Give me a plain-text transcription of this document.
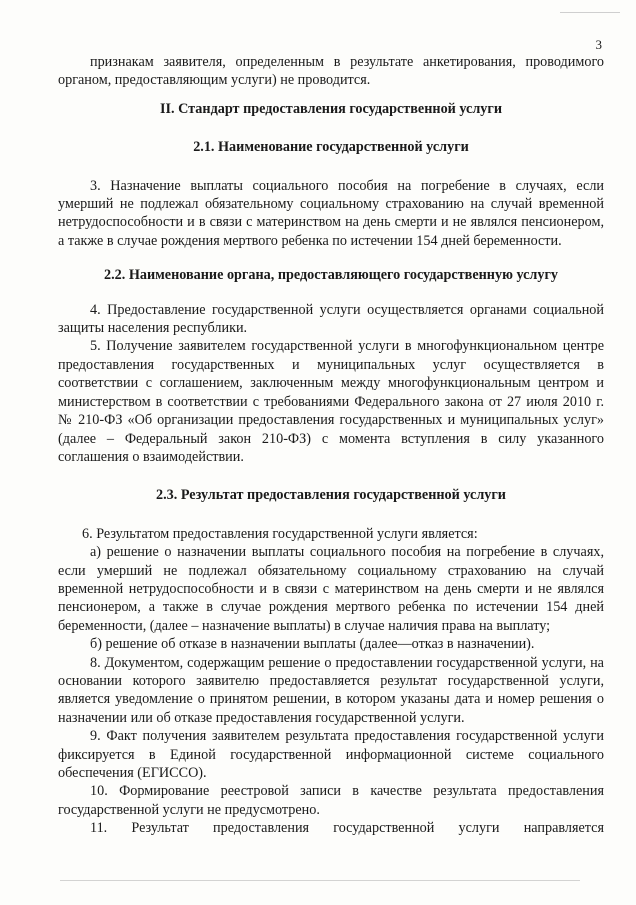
3

признакам заявителя, определенным в результате анкетирования, проводимого органом, предоставляющим услуги) не проводится.

II. Стандарт предоставления государственной услуги
2.1. Наименование государственной услуги

3. Назначение выплаты социального пособия на погребение в случаях, если умерший не подлежал обязательному социальному страхованию на случай временной нетрудоспособности и в связи с материнством на день смерти и не являлся пенсионером, а также в случае рождения мертвого ребенка по истечении 154 дней беременности.

2.2. Наименование органа, предоставляющего государственную услугу

4. Предоставление государственной услуги осуществляется органами социальной защиты населения республики.

5. Получение заявителем государственной услуги в многофункциональном центре предоставления государственных и муниципальных услуг осуществляется в соответствии с соглашением, заключенным между многофункциональным центром и министерством в соответствии с требованиями Федерального закона от 27 июля 2010 г. № 210-ФЗ «Об организации предоставления государственных и муниципальных услуг» (далее – Федеральный закон 210-ФЗ) с момента вступления в силу указанного соглашения о взаимодействии.

2.3. Результат предоставления государственной услуги

6. Результатом предоставления государственной услуги является:

а) решение о назначении выплаты социального пособия на погребение в случаях, если умерший не подлежал обязательному социальному страхованию на случай временной нетрудоспособности и в связи с материнством на день смерти и не являлся пенсионером, а также в случае рождения мертвого ребенка по истечении 154 дней беременности, (далее – назначение выплаты) в случае наличия права на выплату;

б) решение об отказе в назначении выплаты (далее—отказ в назначении).

8. Документом, содержащим решение о предоставлении государственной услуги, на основании которого заявителю предоставляется результат государственной услуги, является уведомление о принятом решении, в котором указаны дата и номер решения о назначении или об отказе предоставления государственной услуги.

9. Факт получения заявителем результата предоставления государственной услуги фиксируется в Единой государственной информационной системе социального обеспечения (ЕГИССО).

10. Формирование реестровой записи в качестве результата предоставления государственной услуги не предусмотрено.

11. Результат предоставления государственной услуги направляется
